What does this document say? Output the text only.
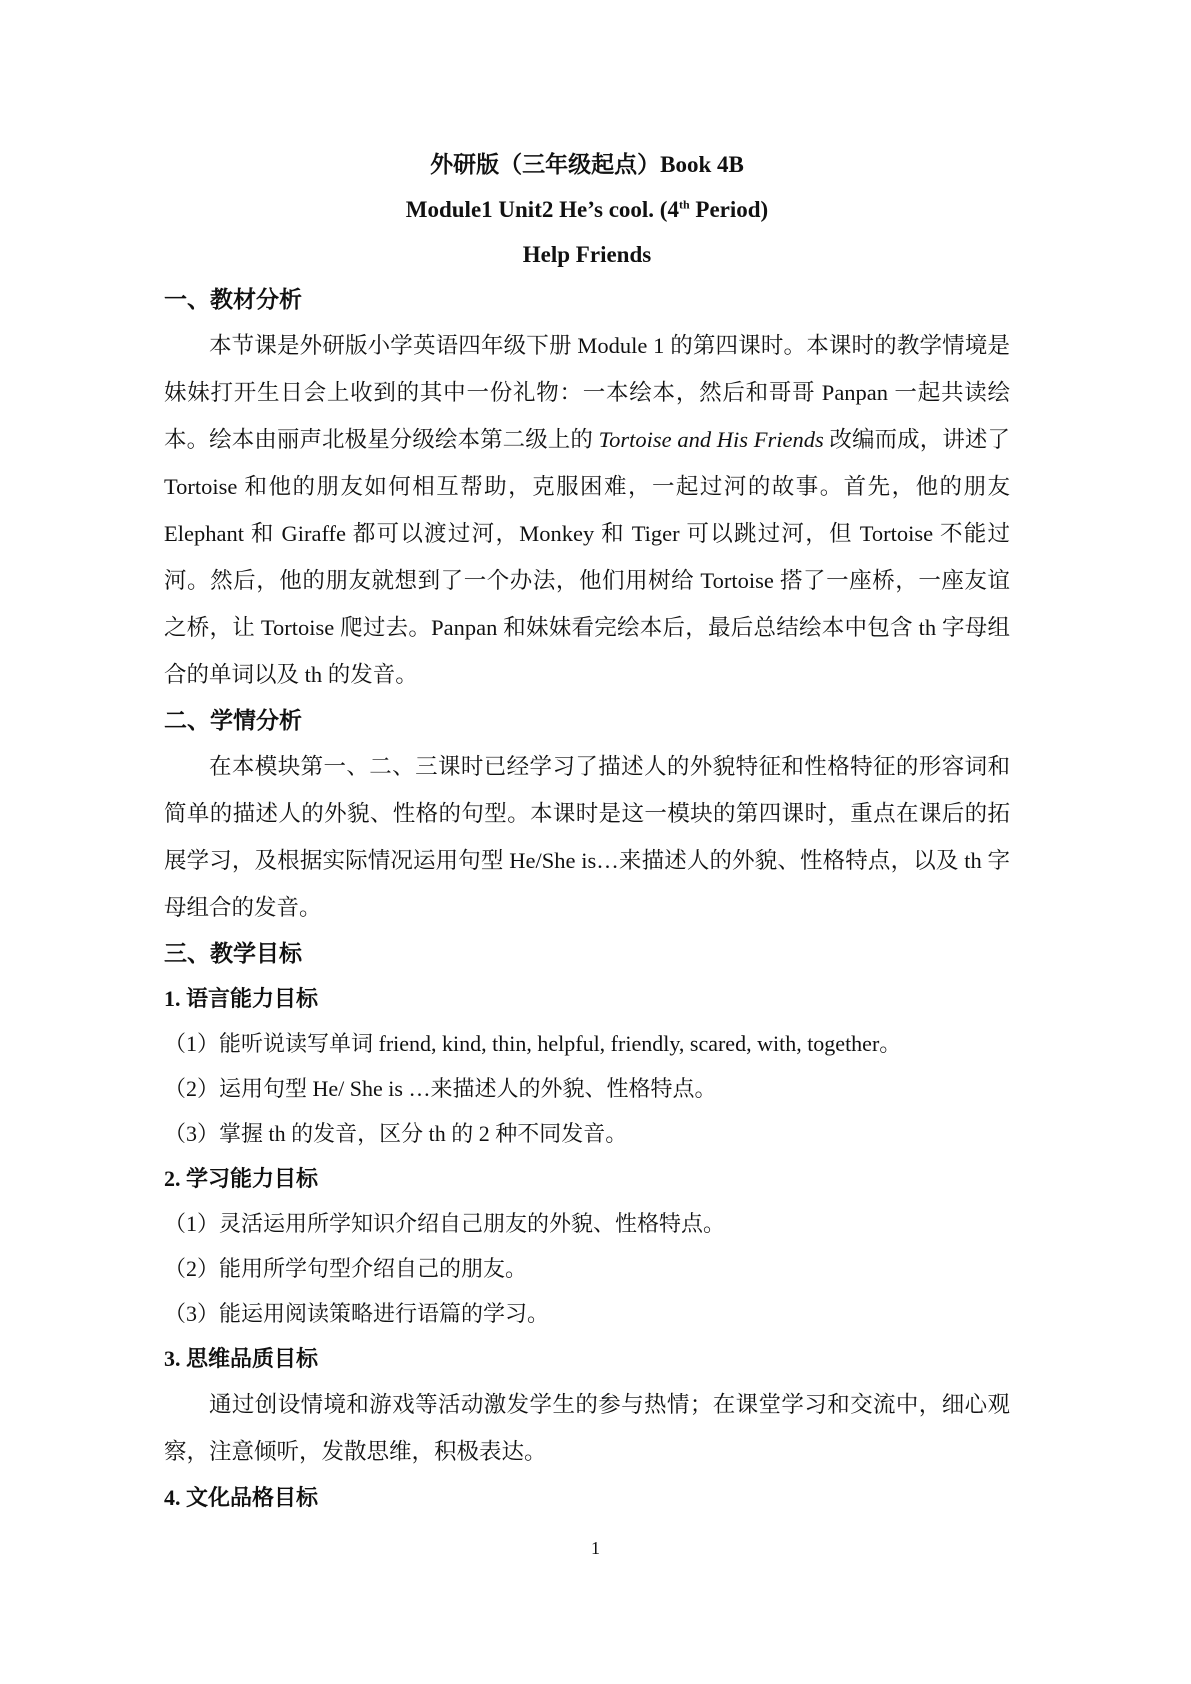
外研版（三年级起点）Book 4B
Module1 Unit2 He’s cool. (4th Period)
Help Friends
一、教材分析

本节课是外研版小学英语四年级下册 Module 1 的第四课时。本课时的教学情境是妹妹打开生日会上收到的其中一份礼物：一本绘本，然后和哥哥 Panpan 一起共读绘本。绘本由丽声北极星分级绘本第二级上的 Tortoise and His Friends 改编而成，讲述了 Tortoise 和他的朋友如何相互帮助，克服困难，一起过河的故事。首先，他的朋友 Elephant 和 Giraffe 都可以渡过河，Monkey 和 Tiger 可以跳过河，但 Tortoise 不能过河。然后，他的朋友就想到了一个办法，他们用树给 Tortoise 搭了一座桥，一座友谊之桥，让 Tortoise 爬过去。Panpan 和妹妹看完绘本后，最后总结绘本中包含 th 字母组合的单词以及 th 的发音。

二、学情分析

在本模块第一、二、三课时已经学习了描述人的外貌特征和性格特征的形容词和简单的描述人的外貌、性格的句型。本课时是这一模块的第四课时，重点在课后的拓展学习，及根据实际情况运用句型 He/She is…来描述人的外貌、性格特点，以及 th 字母组合的发音。

三、教学目标
1. 语言能力目标
（1）能听说读写单词 friend, kind, thin, helpful, friendly, scared, with, together。
（2）运用句型 He/ She is …来描述人的外貌、性格特点。
（3）掌握 th 的发音，区分 th 的 2 种不同发音。
2. 学习能力目标
（1）灵活运用所学知识介绍自己朋友的外貌、性格特点。
（2）能用所学句型介绍自己的朋友。
（3）能运用阅读策略进行语篇的学习。
3. 思维品质目标

通过创设情境和游戏等活动激发学生的参与热情；在课堂学习和交流中，细心观察，注意倾听，发散思维，积极表达。

4. 文化品格目标
1
